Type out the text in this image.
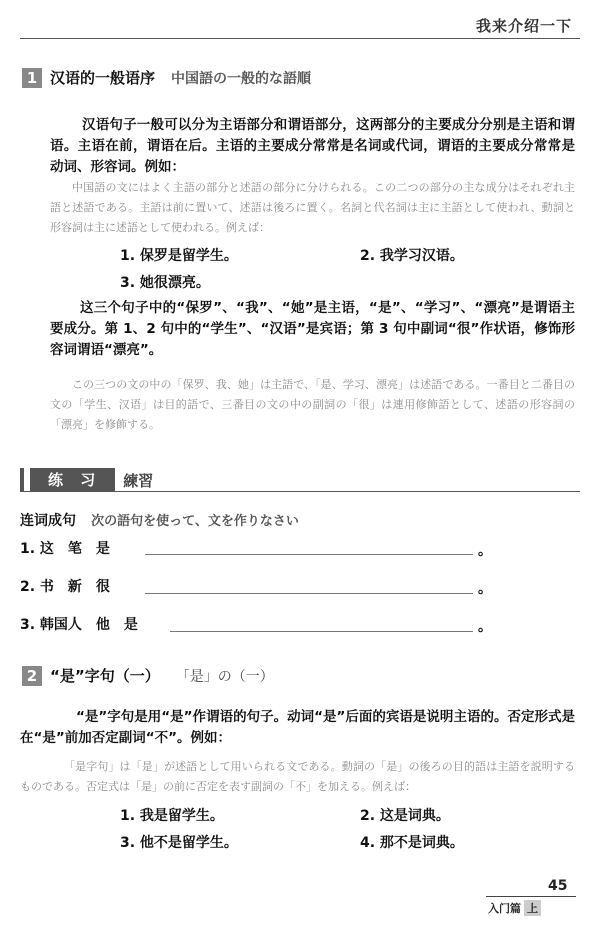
我来介绍一下
1 汉语的一般语序 中国語の一般的な語順
汉语句子一般可以分为主语部分和谓语部分，这两部分的主要成分分别是主语和谓语。主语在前，谓语在后。主语的主要成分常常是名词或代词，谓语的主要成分常常是动词、形容词。例如：
中国語の文にはよく主語の部分と述語の部分に分けられる。この二つの部分の主な成分はそれぞれ主語と述語である。主語は前に置いて、述語は後ろに置く。名詞と代名詞は主に主語として使われ、動詞と形容詞は主に述語として使われる。例えば：
1. 保罗是留学生。	2. 我学习汉语。
3. 她很漂亮。
这三个句子中的“保罗”、“我”、“她”是主语，“是”、“学习”、“漂亮”是谓语主要成分。第 1、2 句中的“学生”、“汉语”是宾语；第 3 句中副词“很”作状语，修饰形容词谓语“漂亮”。
この三つの文の中の「保罗、我、她」は主語で、「是、学习、漂亮」は述語である。一番目と二番目の文の「学生、汉语」は目的語で、三番目の文の中の副詞の「很」は連用修飾語として、述語の形容詞の「漂亮」を修飾する。
练 习	練習
连词成句 次の語句を使って、文を作りなさい
1. 这　笔　是	。
2. 书　新　很	。
3. 韩国人　他　是	。
2 “是”字句（一） 「是」の（一）
“是”字句是用“是”作谓语的句子。动词“是”后面的宾语是说明主语的。否定形式是在“是”前加否定副词“不”。例如：
「是字句」は「是」が述語として用いられる文である。動詞の「是」の後ろの目的語は主語を説明するものである。否定式は「是」の前に否定を表す副詞の「不」を加える。例えば：
1. 我是留学生。	2. 这是词典。
3. 他不是留学生。	4. 那不是词典。
45
入门篇 上
